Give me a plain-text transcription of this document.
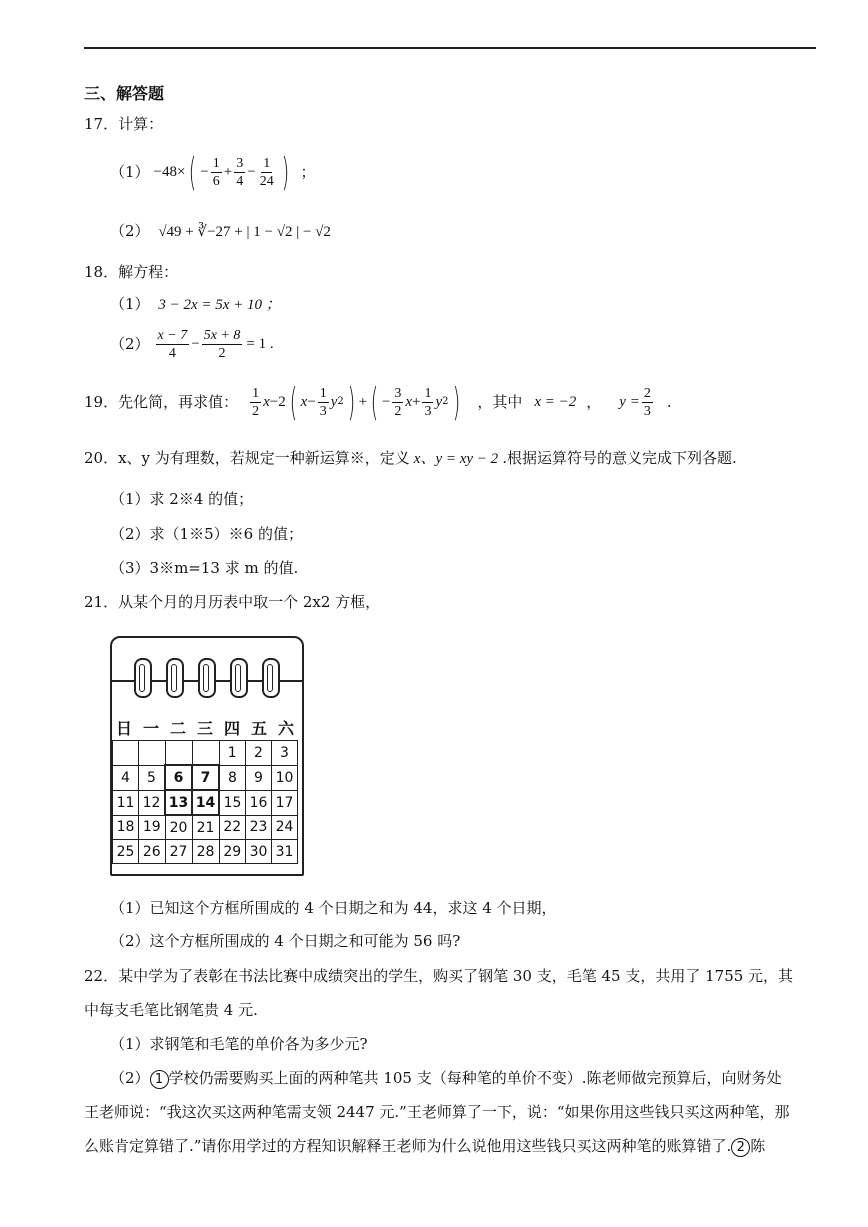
三、解答题
17．计算：
（1） −48× ( − $\frac{1}{6} + \frac{3}{4} - \frac{1}{24}$ ) ；
（2） √49 + ∛−27 + | 1 − √2 | − √2
18．解方程：
（1） 3 − 2x = 5x + 10 ；
$(2) \frac{x - 7}{4} - \frac{5x + 8}{2} = 1$ .
19．先化简，再求值： $\frac{1}{2}$ x −2 ( $x - \frac{1}{3}$ y 2 ) + ( − $\frac{3}{2}$ $x + \frac{1}{3}$ y 2 ) ，其中 x = −2 ， $y = \frac{2}{3}$ .
20．x、y 为有理数，若规定一种新运算※，定义 x、y = xy − 2 .根据运算符号的意义完成下列各题.
（1）求 2※4 的值；
（2）求（1※5）※6 的值；
（3）3※m=13 求 m 的值.
21．从某个月的月历表中取一个 2x2 方框，
日 一 二 三 四 五 六
				1	2	3
4	5	6	7	8	9	10
11	12	13	14	15	16	17
18	19	20	21	22	23	24
25	26	27	28	29	30	31
（1）已知这个方框所围成的 4 个日期之和为 44，求这 4 个日期，
（2）这个方框所围成的 4 个日期之和可能为 56 吗?
22．某中学为了表彰在书法比赛中成绩突出的学生，购买了钢笔 30 支，毛笔 45 支，共用了 1755 元，其
中每支毛笔比钢笔贵 4 元.
（1）求钢笔和毛笔的单价各为多少元?
（2） 1 学校仍需要购买上面的两种笔共 105 支（每种笔的单价不变）.陈老师做完预算后，向财务处
王老师说：“我这次买这两种笔需支领 2447 元.”王老师算了一下，说：“如果你用这些钱只买这两种笔，那
么账肯定算错了.”请你用学过的方程知识解释王老师为什么说他用这些钱只买这两种笔的账算错了. 2 陈
